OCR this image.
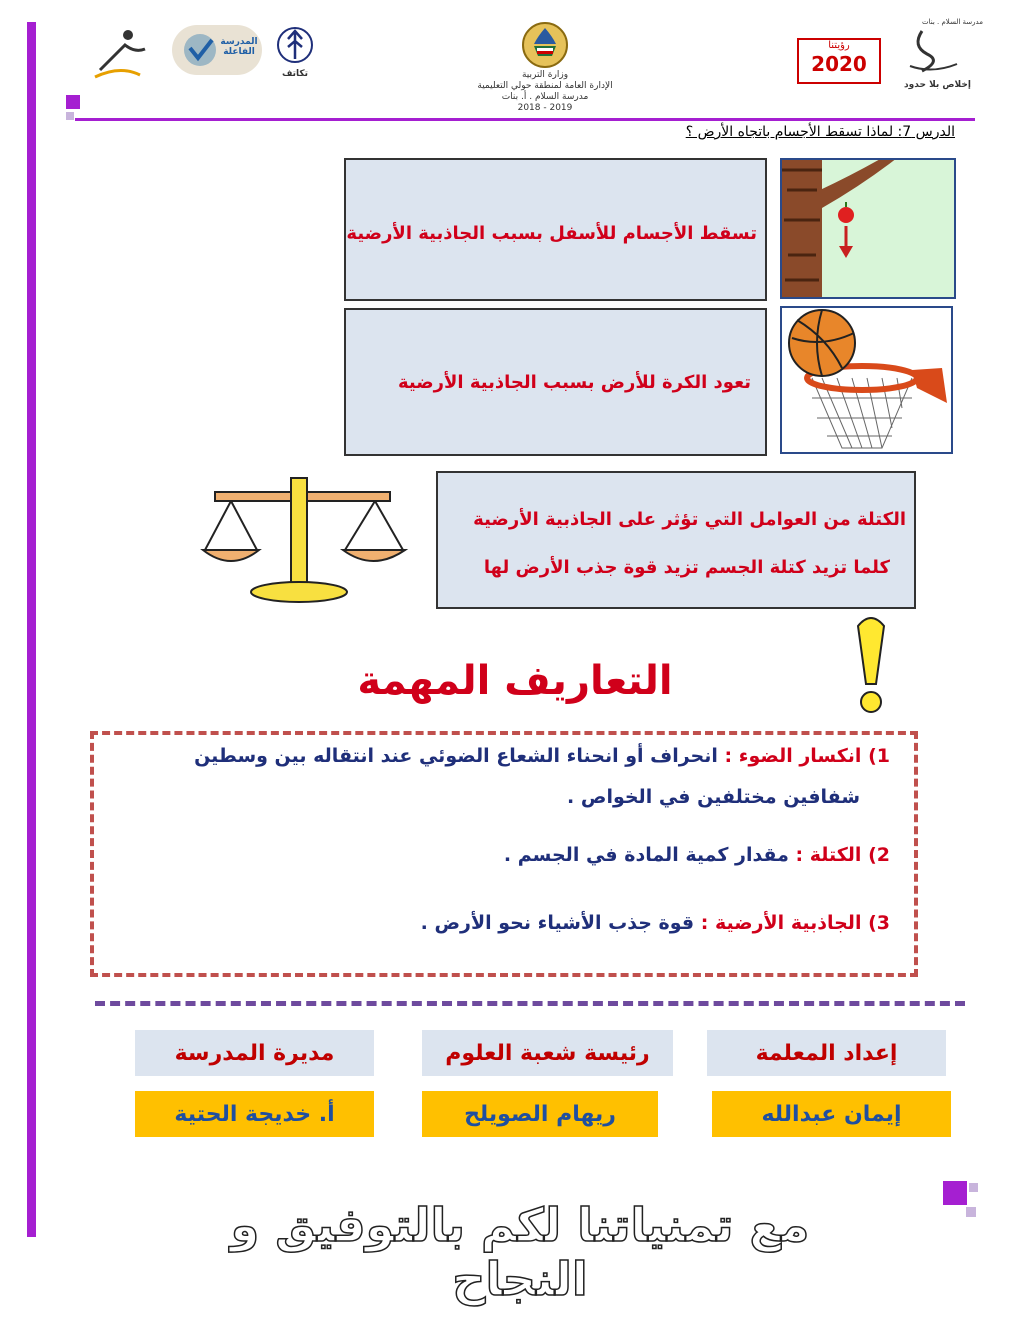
المدرسة الفاعلة
تكاتف	وزارة التربية
الإدارة العامة لمنطقة حولي التعليمية
مدرسة السلام . أ. بنات
2018 - 2019
رؤيتنا
2020
مدرسة السلام . بنات
إخلاص بلا حدود
الدرس 7: لماذا تسقط الأجسام باتجاه الأرض ؟
تسقط الأجسام للأسفل بسبب الجاذبية الأرضية
تعود الكرة للأرض بسبب الجاذبية الأرضية
الكتلة من العوامل التي تؤثر على الجاذبية الأرضية
كلما تزيد كتلة الجسم تزيد قوة جذب الأرض لها
التعاريف المهمة
1) انكسار الضوء : انحراف أو انحناء الشعاع الضوئي عند انتقاله بين وسطين
شفافين مختلفين في الخواص .
2) الكتلة : مقدار كمية المادة في الجسم .
3) الجاذبية الأرضية : قوة جذب الأشياء نحو الأرض .
إعداد المعلمة
رئيسة شعبة العلوم
مديرة المدرسة
إيمان عبدالله
ريهام الصويلح
أ. خديجة الحتية
مع تمنياتنا لكم بالتوفيق و النجاح
